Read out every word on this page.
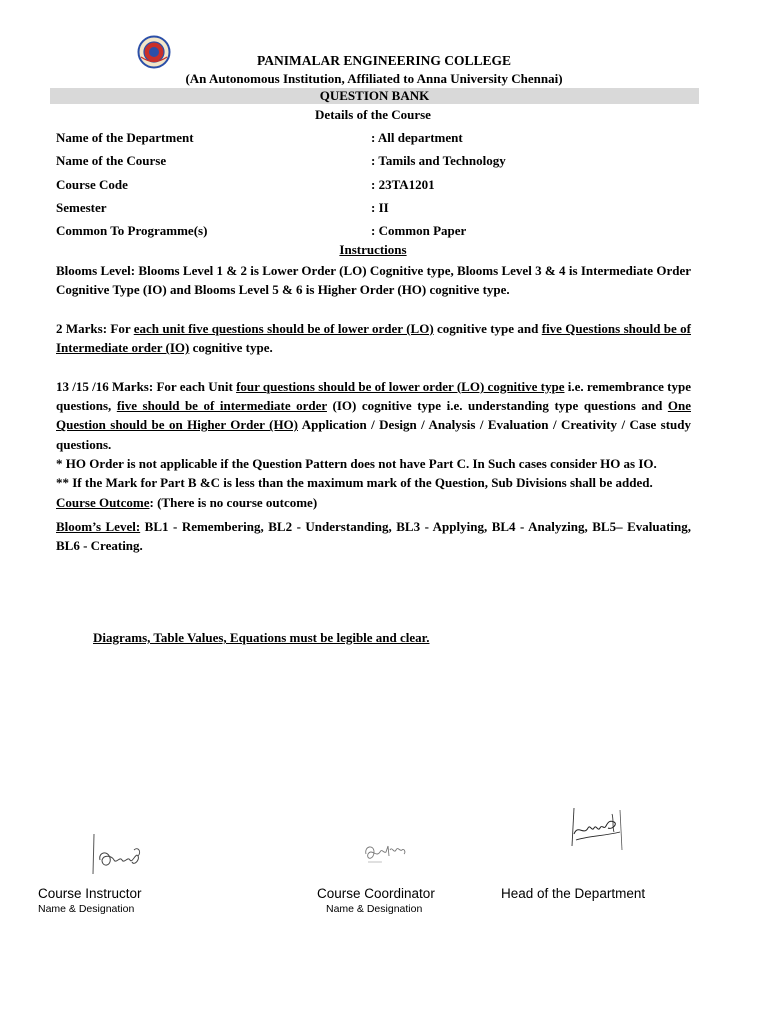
PANIMALAR ENGINEERING COLLEGE
(An Autonomous Institution, Affiliated to Anna University Chennai)
QUESTION BANK
Details of the Course
Name of the Department	: All department
Name of the Course	: Tamils and Technology
Course Code	: 23TA1201
Semester	: II
Common To Programme(s)	: Common Paper
Instructions

Blooms Level: Blooms Level 1 & 2 is Lower Order (LO) Cognitive type, Blooms Level 3 & 4 is Intermediate Order Cognitive Type (IO) and Blooms Level 5 & 6 is Higher Order (HO) cognitive type.

2 Marks: For each unit five questions should be of lower order (LO) cognitive type and five Questions should be of Intermediate order (IO) cognitive type.

13 /15 /16 Marks: For each Unit four questions should be of lower order (LO) cognitive type i.e. remembrance type questions, five should be of intermediate order (IO) cognitive type i.e. understanding type questions and One Question should be on Higher Order (HO) Application / Design / Analysis / Evaluation / Creativity / Case study questions.

* HO Order is not applicable if the Question Pattern does not have Part C. In Such cases consider HO as IO.

** If the Mark for Part B &C is less than the maximum mark of the Question, Sub Divisions shall be added.

Course Outcome: (There is no course outcome)

Bloom’s Level: BL1 - Remembering, BL2 - Understanding, BL3 - Applying, BL4 - Analyzing, BL5– Evaluating, BL6 - Creating.

Diagrams, Table Values, Equations must be legible and clear.
Course Instructor
Name & Designation
Course Coordinator
Name & Designation
Head of the Department
